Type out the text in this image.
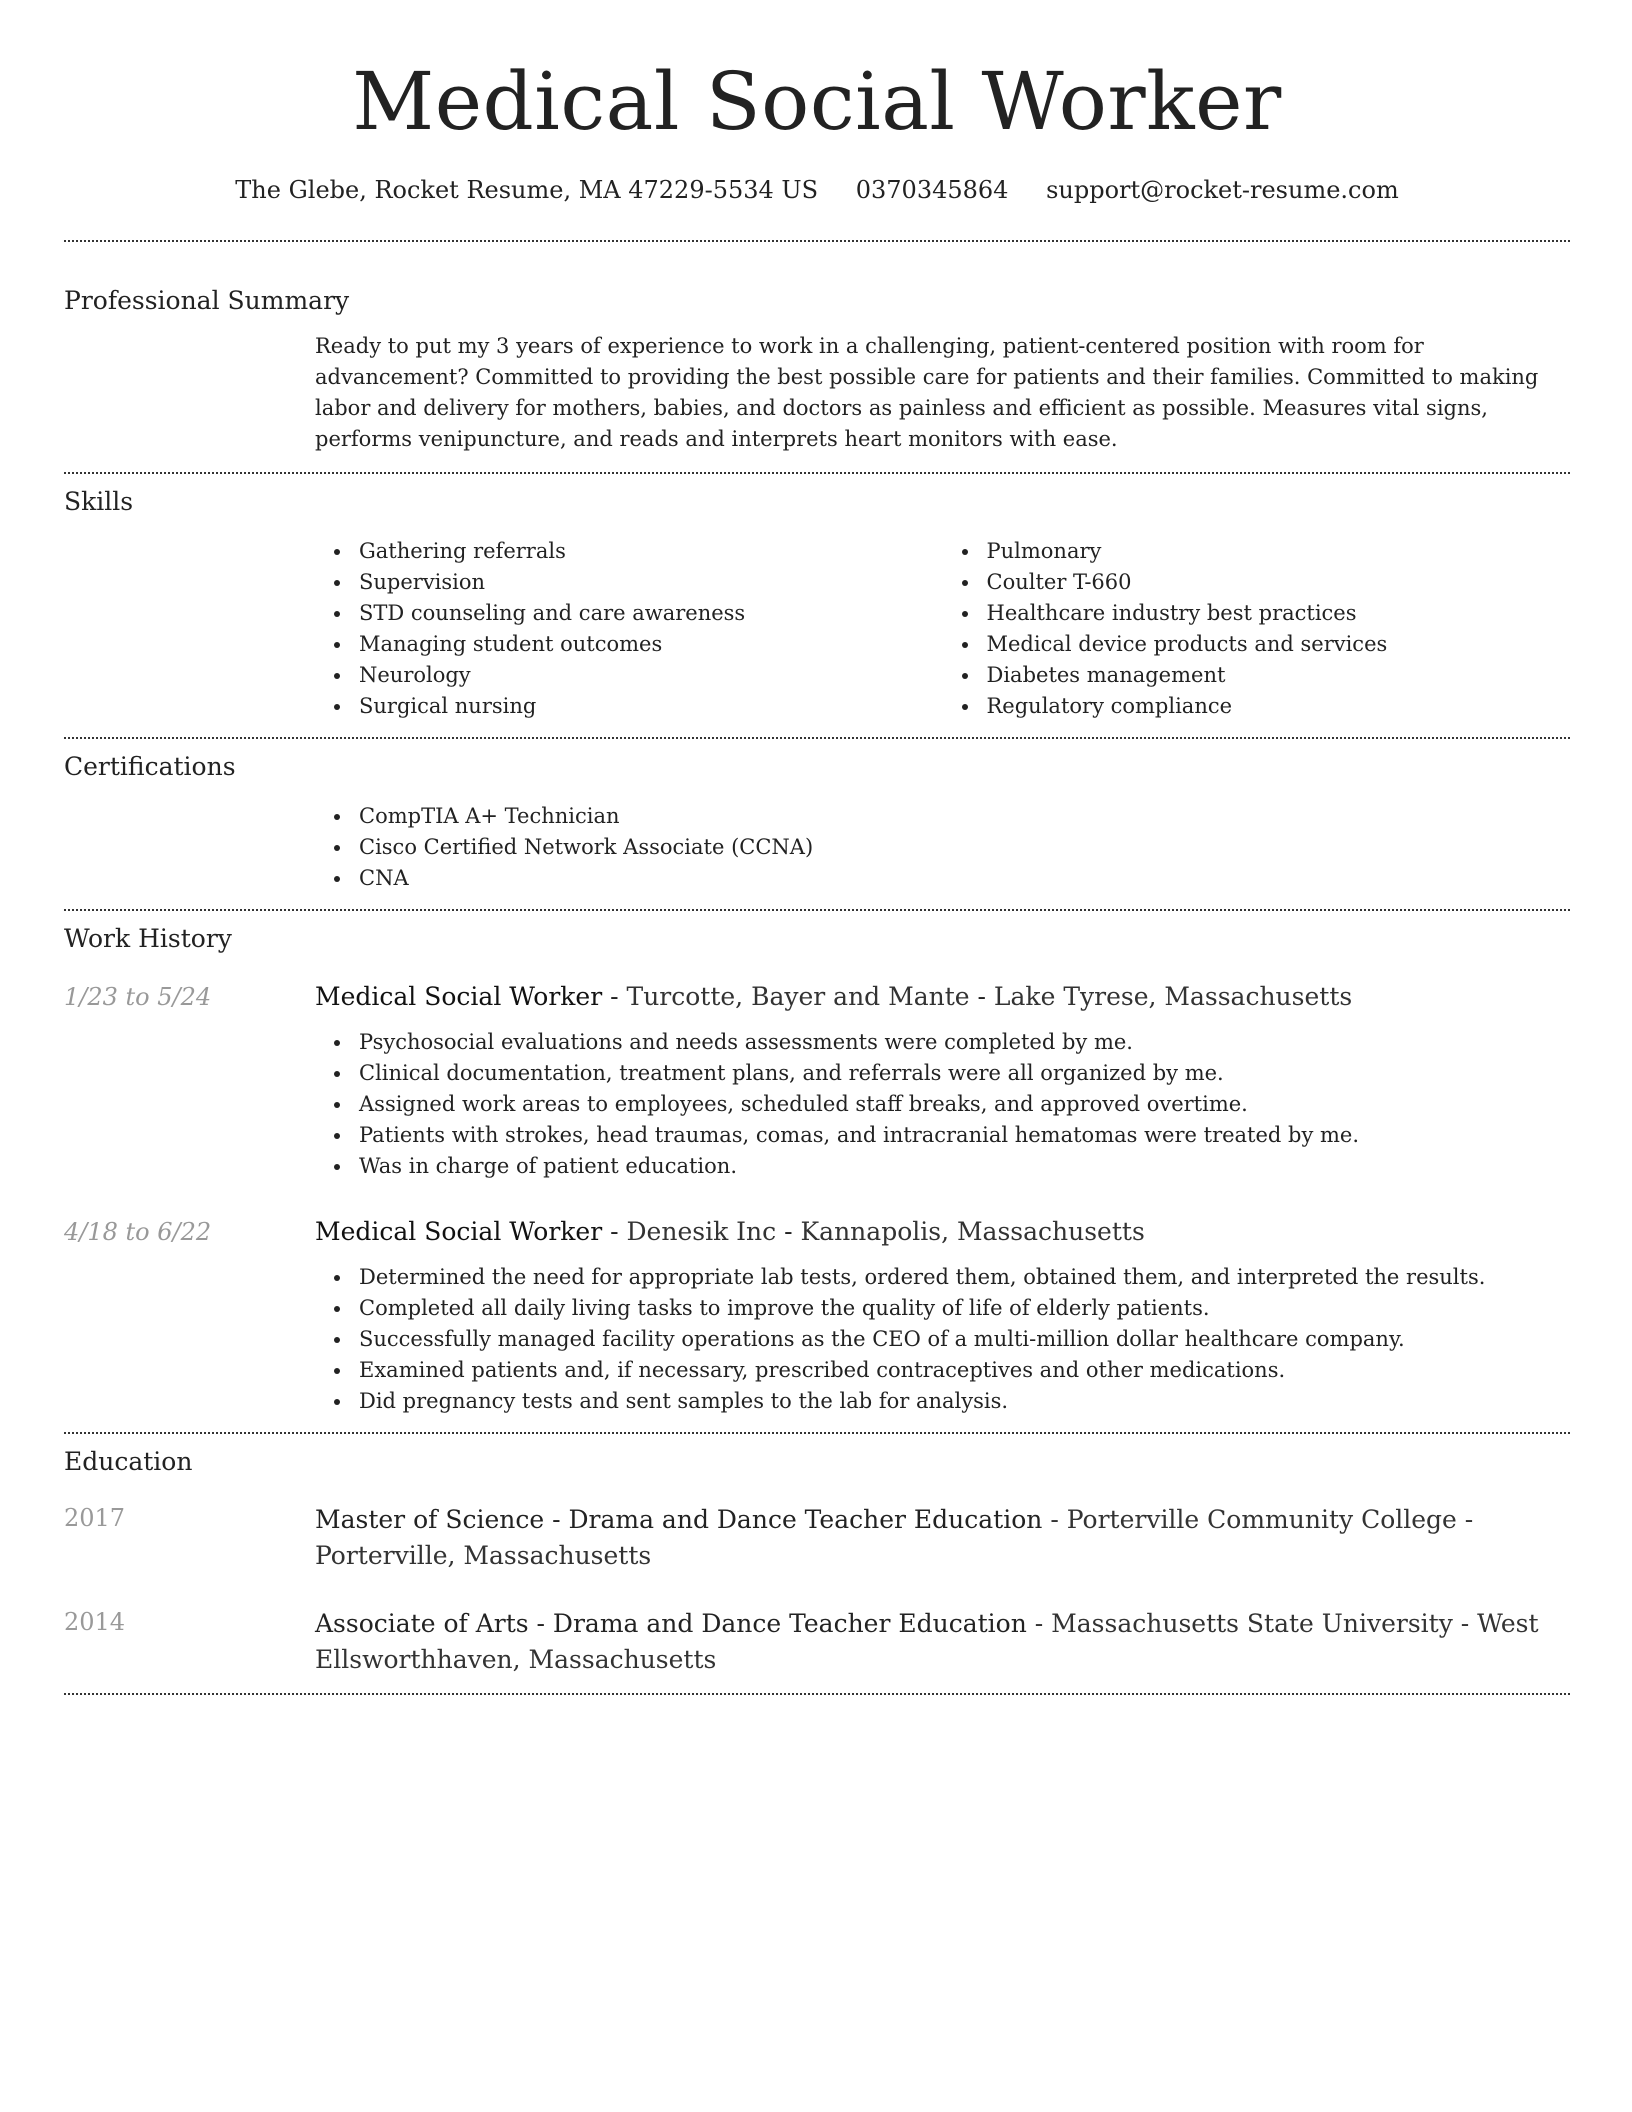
Medical Social Worker
The Glebe, Rocket Resume, MA 47229-5534 US 0370345864 support@rocket-resume.com
Professional Summary

Ready to put my 3 years of experience to work in a challenging, patient-centered position with room for advancement? Committed to providing the best possible care for patients and their families. Committed to making labor and delivery for mothers, babies, and doctors as painless and efficient as possible. Measures vital signs, performs venipuncture, and reads and interprets heart monitors with ease.

Skills
Gathering referrals
Supervision
STD counseling and care awareness
Managing student outcomes
Neurology
Surgical nursing
Pulmonary
Coulter T-660
Healthcare industry best practices
Medical device products and services
Diabetes management
Regulatory compliance
Certifications
CompTIA A+ Technician
Cisco Certified Network Associate (CCNA)
CNA
Work History
1/23 to 5/24	Medical Social Worker - Turcotte, Bayer and Mante - Lake Tyrese, Massachusetts
Psychosocial evaluations and needs assessments were completed by me.
Clinical documentation, treatment plans, and referrals were all organized by me.
Assigned work areas to employees, scheduled staff breaks, and approved overtime.
Patients with strokes, head traumas, comas, and intracranial hematomas were treated by me.
Was in charge of patient education.
4/18 to 6/22	Medical Social Worker - Denesik Inc - Kannapolis, Massachusetts
Determined the need for appropriate lab tests, ordered them, obtained them, and interpreted the results.
Completed all daily living tasks to improve the quality of life of elderly patients.
Successfully managed facility operations as the CEO of a multi-million dollar healthcare company.
Examined patients and, if necessary, prescribed contraceptives and other medications.
Did pregnancy tests and sent samples to the lab for analysis.
Education
2017	Master of Science - Drama and Dance Teacher Education - Porterville Community College - Porterville, Massachusetts
2014	Associate of Arts - Drama and Dance Teacher Education - Massachusetts State University - West Ellsworthhaven, Massachusetts
